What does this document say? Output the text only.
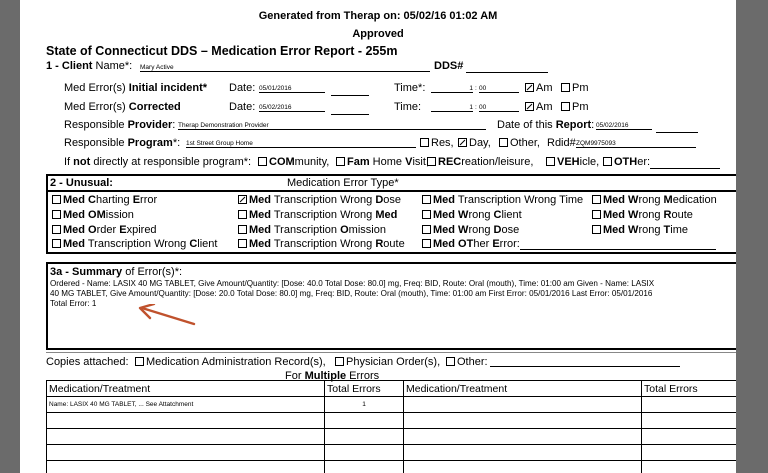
Generated from Therap on: 05/02/16 01:02 AM
Approved
State of Connecticut DDS – Medication Error Report - 255m
1 - Client Name*: Mary Active	DDS#
Med Error(s) Initial incident* Date: 05/01/2016	Time*:	1 : 00	Am	Pm
Med Error(s) Corrected	Date: 05/02/2016	Time:	1 : 00	Am	Pm
Responsible Provider: Therap Demonstration Provider	Date of this Report: 05/02/2016
Responsible Program*: 1st Street Group Home	Res,	Day,	Other, Rdid# ZQM9975093
If not directly at responsible program*:	COMmunity,	Fam Home Visit, RECreation/leisure,	VEHicle,	OTHer:
2 - Unusual:	Medication Error Type*
Med Charting Error	Med Transcription Wrong Dose	Med Transcription Wrong Time	Med Wrong Medication
Med OMission	Med Transcription Wrong Med	Med Wrong Client	Med Wrong Route
Med Order Expired	Med Transcription Omission	Med Wrong Dose	Med Wrong Time
Med Transcription Wrong Client	Med Transcription Wrong Route	Med OTher Error:
3a - Summary of Error(s)*:
Ordered - Name: LASIX 40 MG TABLET, Give Amount/Quantity: [Dose: 40.0 Total Dose: 80.0] mg, Freq: BID, Route: Oral (mouth), Time: 01:00 am Given - Name: LASIX
40 MG TABLET, Give Amount/Quantity: [Dose: 20.0 Total Dose: 80.0] mg, Freq: BID, Route: Oral (mouth), Time: 01:00 am First Error: 05/01/2016 Last Error: 05/01/2016
Total Error: 1
Copies attached:	Medication Administration Record(s),	Physician Order(s),	Other:
For Multiple Errors
Medication/Treatment	Total Errors	Medication/Treatment	Total Errors
Name: LASIX 40 MG TABLET, ... See Attatchment	1		
